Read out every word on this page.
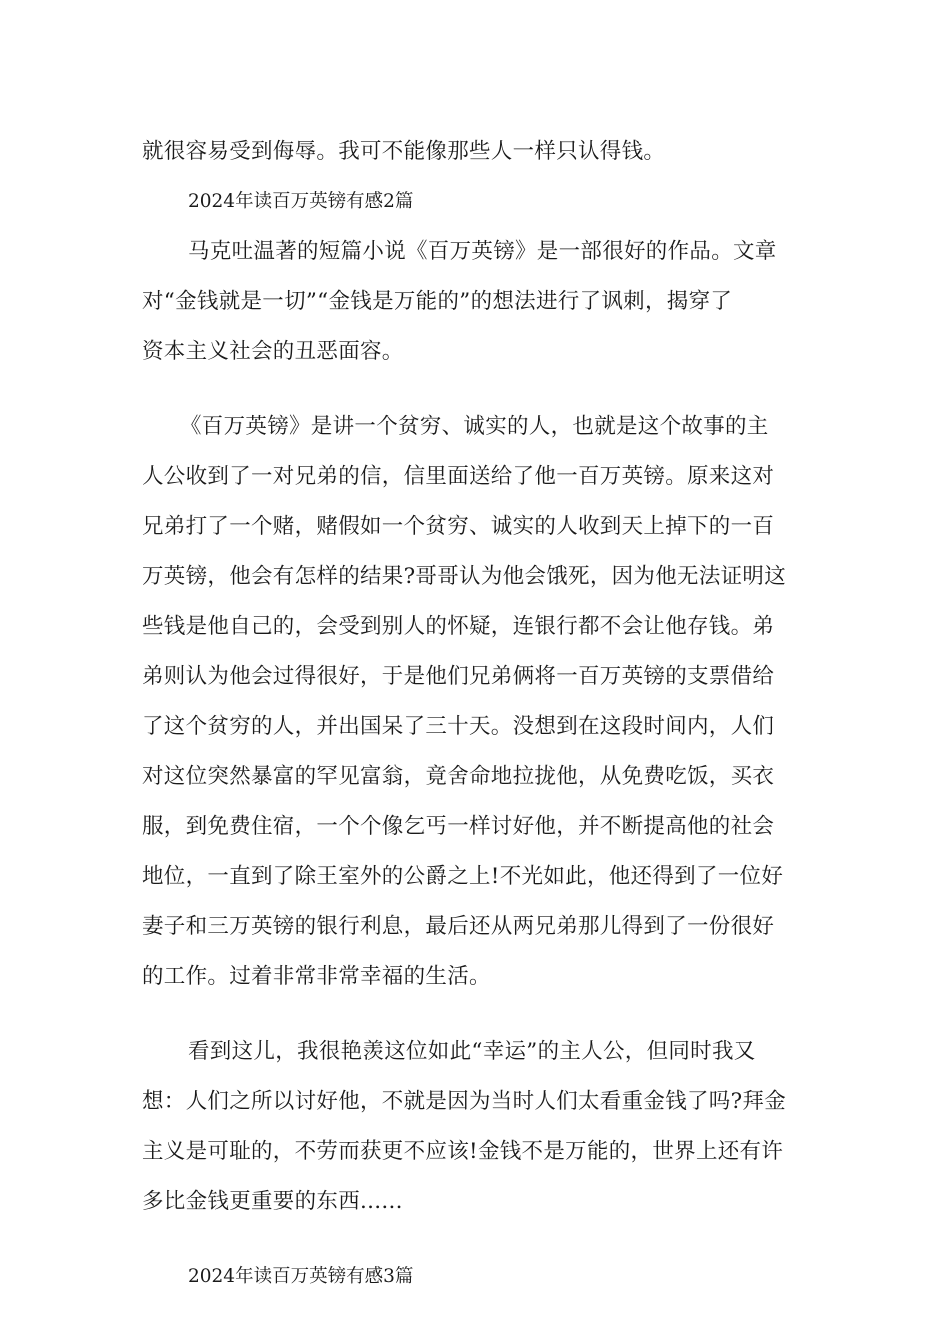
就很容易受到侮辱。我可不能像那些人一样只认得钱。
2024年读百万英镑有感2篇
马克吐温著的短篇小说《百万英镑》是一部很好的作品。文章
对“金钱就是一切”“金钱是万能的”的想法进行了讽刺，揭穿了
资本主义社会的丑恶面容。
《百万英镑》是讲一个贫穷、诚实的人，也就是这个故事的主
人公收到了一对兄弟的信，信里面送给了他一百万英镑。原来这对
兄弟打了一个赌，赌假如一个贫穷、诚实的人收到天上掉下的一百
万英镑，他会有怎样的结果?哥哥认为他会饿死，因为他无法证明这
些钱是他自己的，会受到别人的怀疑，连银行都不会让他存钱。弟
弟则认为他会过得很好，于是他们兄弟俩将一百万英镑的支票借给
了这个贫穷的人，并出国呆了三十天。没想到在这段时间内，人们
对这位突然暴富的罕见富翁，竟舍命地拉拢他，从免费吃饭，买衣
服，到免费住宿，一个个像乞丐一样讨好他，并不断提高他的社会
地位，一直到了除王室外的公爵之上!不光如此，他还得到了一位好
妻子和三万英镑的银行利息，最后还从两兄弟那儿得到了一份很好
的工作。过着非常非常幸福的生活。
看到这儿，我很艳羡这位如此“幸运”的主人公，但同时我又
想：人们之所以讨好他，不就是因为当时人们太看重金钱了吗?拜金
主义是可耻的，不劳而获更不应该!金钱不是万能的，世界上还有许
多比金钱更重要的东西......
2024年读百万英镑有感3篇
